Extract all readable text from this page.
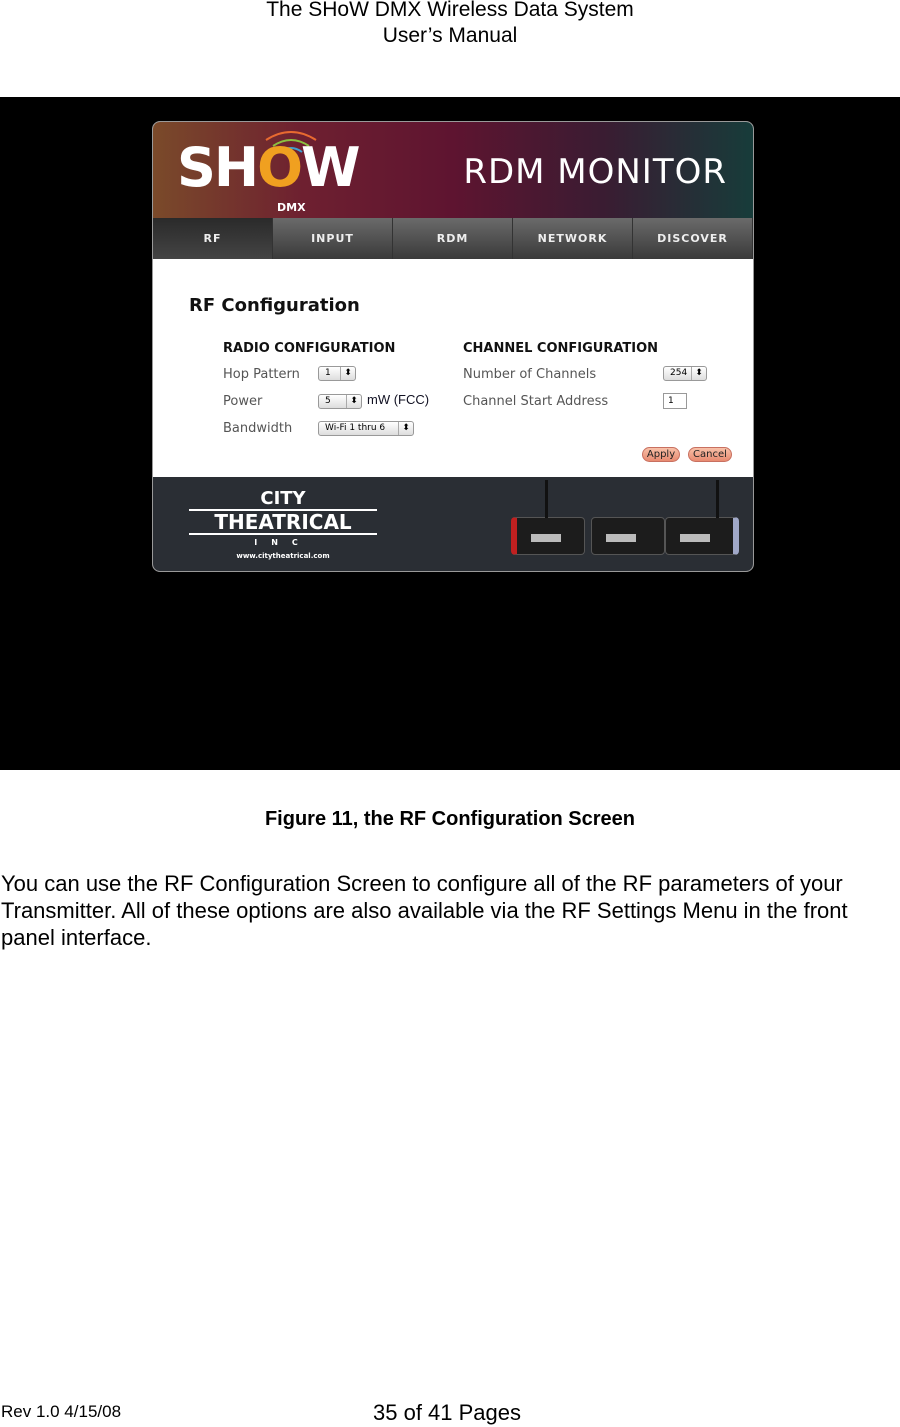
The SHoW DMX Wireless Data System
User’s Manual
SHOW
DMX
RDM MONITOR
RF	INPUT	RDM	NETWORK	DISCOVER
RF Configuration
RADIO CONFIGURATION
Hop Pattern	1 ⬍
Power	5 ⬍	mW (FCC)
Bandwidth	Wi-Fi 1 thru 6 ⬍
CHANNEL CONFIGURATION
Number of Channels	254 ⬍
Channel Start Address	1
Apply	Cancel
CITY
THEATRICAL
INC
www.citytheatrical.com
Figure 11, the RF Configuration Screen
You can use the RF Configuration Screen to configure all of the RF parameters of your Transmitter. All of these options are also available via the RF Settings Menu in the front panel interface.
Rev 1.0 4/15/08	35 of 41 Pages
